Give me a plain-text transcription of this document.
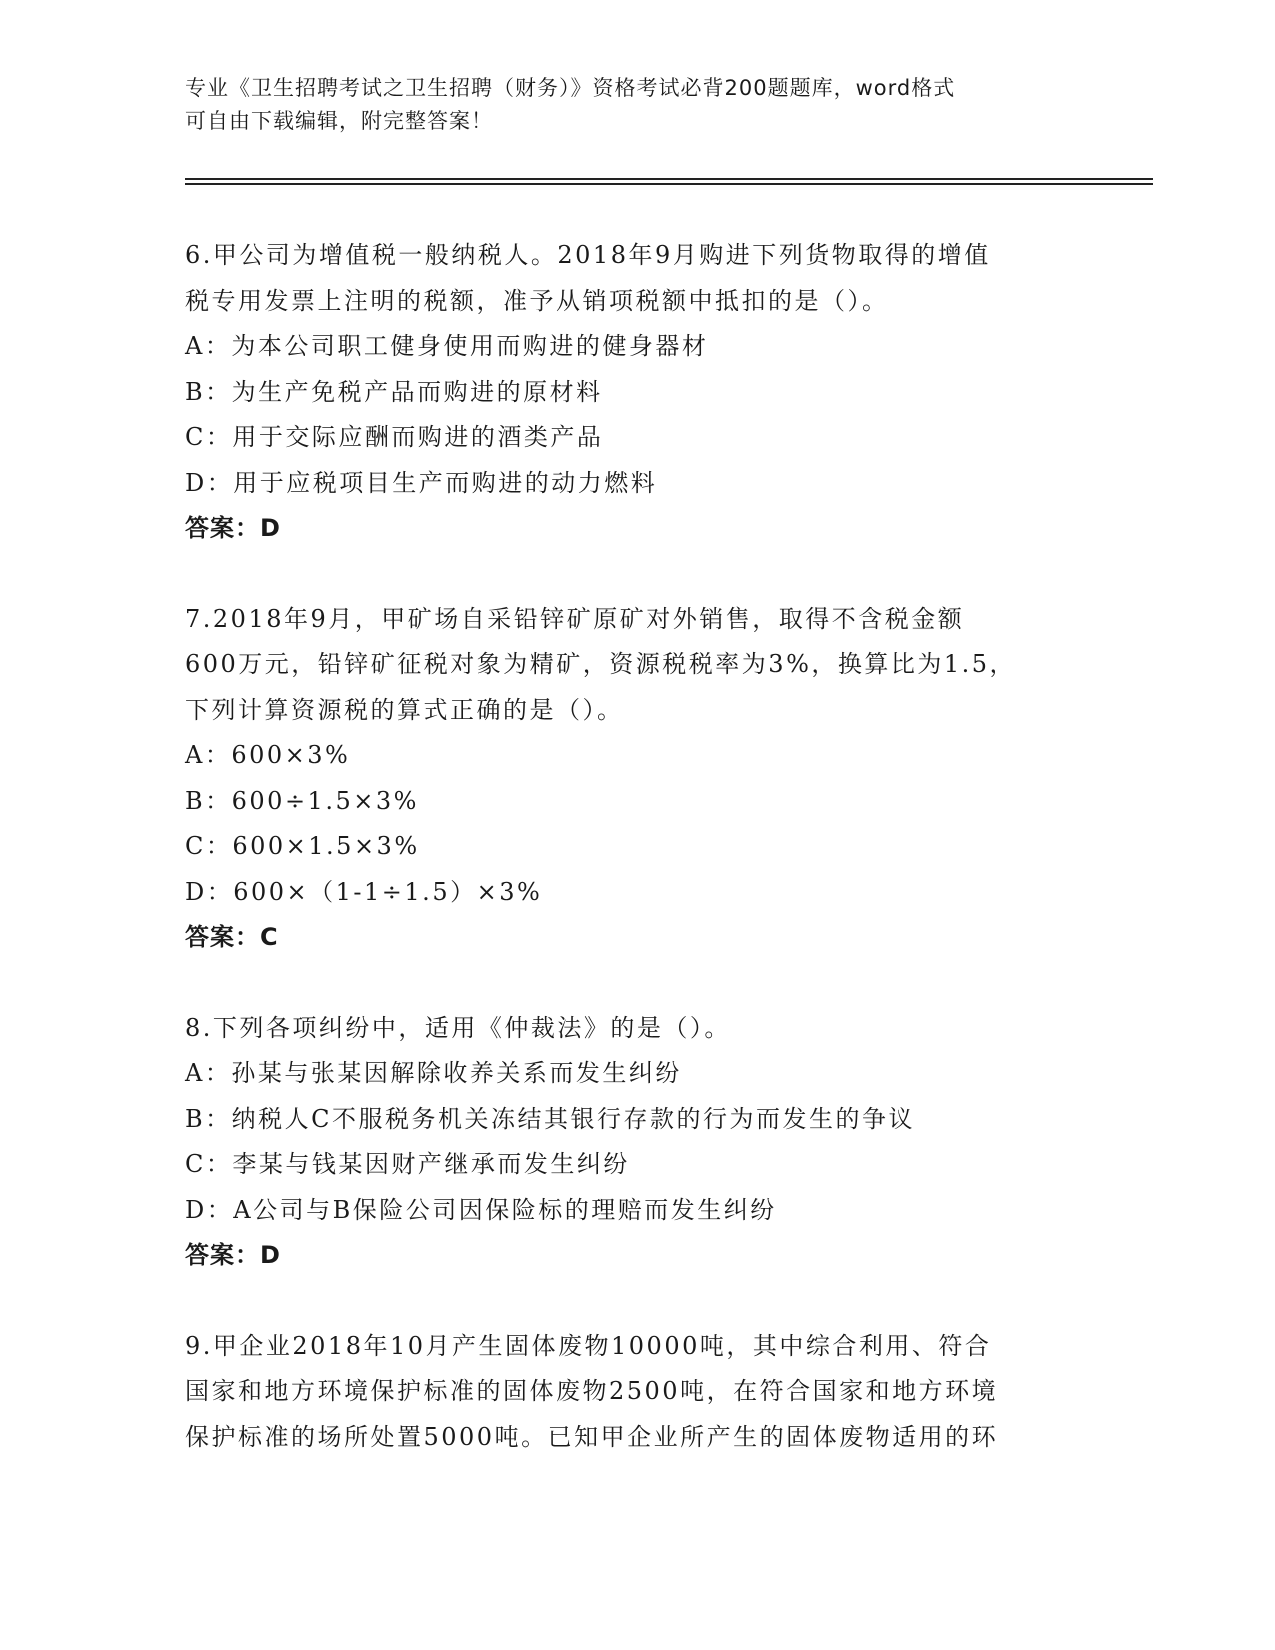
专业《卫生招聘考试之卫生招聘（财务）》资格考试必背200题题库，word格式
可自由下载编辑，附完整答案！

6.甲公司为增值税一般纳税人。2018年9月购进下列货物取得的增值

税专用发票上注明的税额，准予从销项税额中抵扣的是（）。

A：为本公司职工健身使用而购进的健身器材

B：为生产免税产品而购进的原材料

C：用于交际应酬而购进的酒类产品

D：用于应税项目生产而购进的动力燃料

答案：D

7.2018年9月，甲矿场自采铅锌矿原矿对外销售，取得不含税金额

600万元，铅锌矿征税对象为精矿，资源税税率为3%，换算比为1.5，

下列计算资源税的算式正确的是（）。

A：600×3%

B：600÷1.5×3%

C：600×1.5×3%

D：600×（1-1÷1.5）×3%

答案：C

8.下列各项纠纷中，适用《仲裁法》的是（）。

A：孙某与张某因解除收养关系而发生纠纷

B：纳税人C不服税务机关冻结其银行存款的行为而发生的争议

C：李某与钱某因财产继承而发生纠纷

D：A公司与B保险公司因保险标的理赔而发生纠纷

答案：D

9.甲企业2018年10月产生固体废物10000吨，其中综合利用、符合

国家和地方环境保护标准的固体废物2500吨，在符合国家和地方环境

保护标准的场所处置5000吨。已知甲企业所产生的固体废物适用的环
